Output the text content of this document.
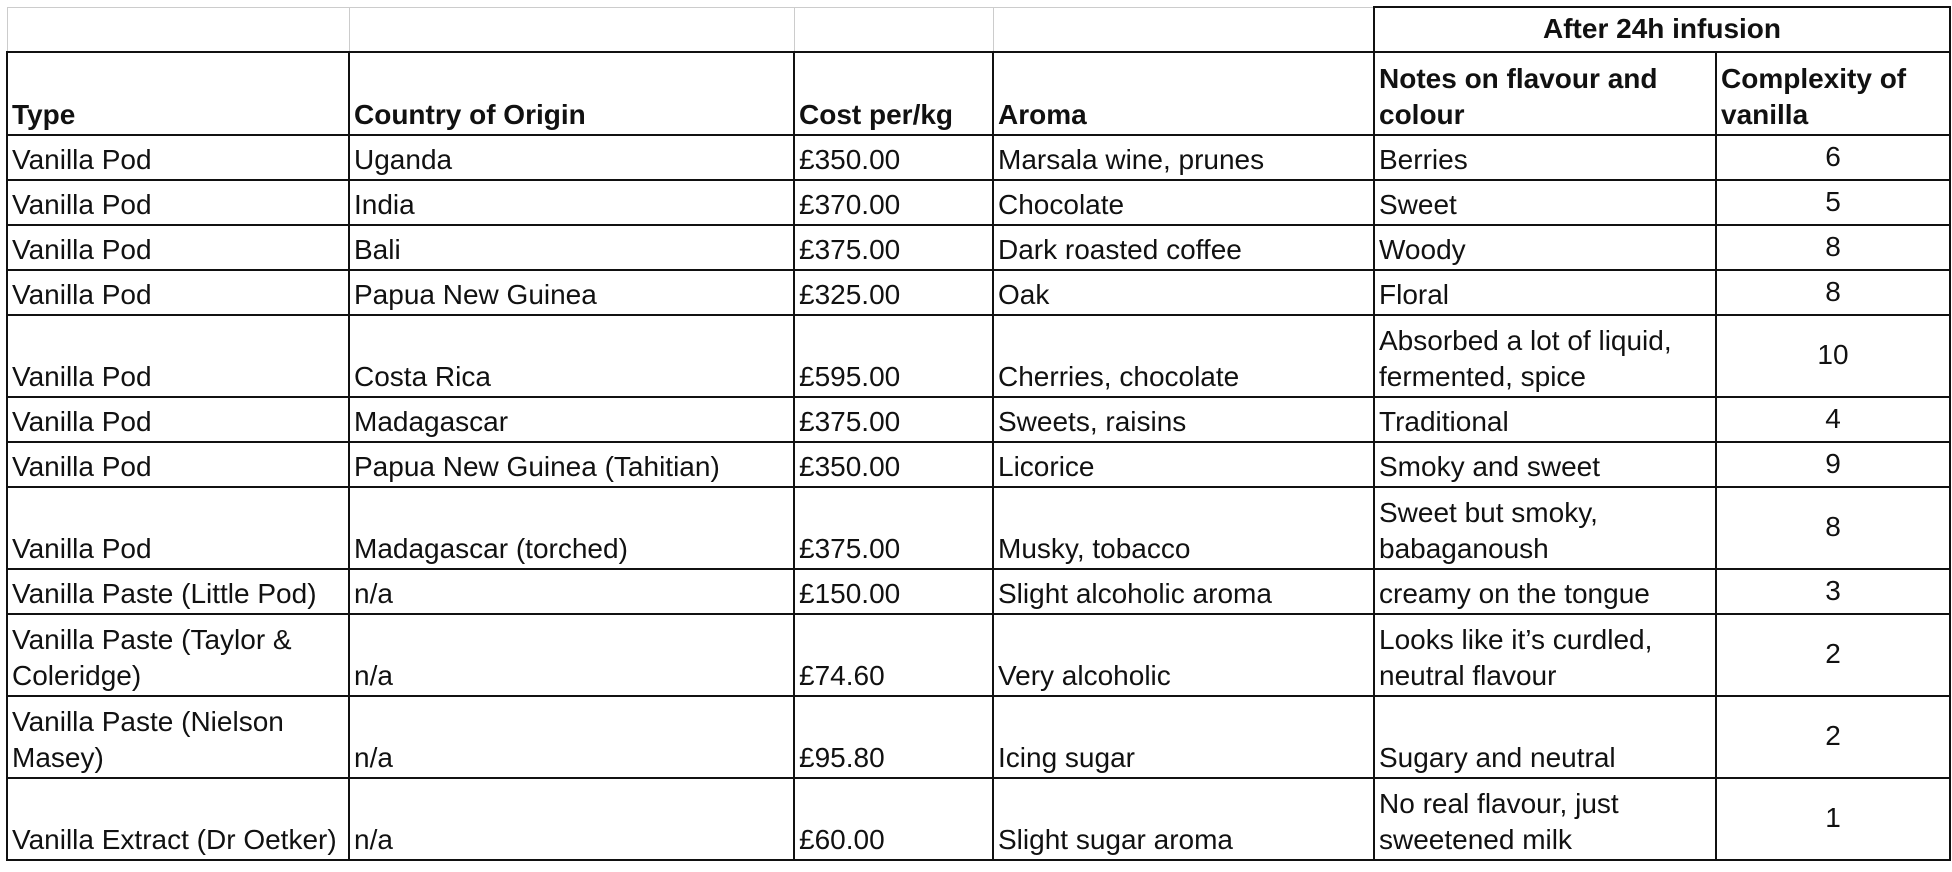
				After 24h infusion	
Type	Country of Origin	Cost per/kg	Aroma	Notes on flavour and colour	Complexity of vanilla
Vanilla Pod	Uganda	£350.00	Marsala wine, prunes	Berries	6
Vanilla Pod	India	£370.00	Chocolate	Sweet	5
Vanilla Pod	Bali	£375.00	Dark roasted coffee	Woody	8
Vanilla Pod	Papua New Guinea	£325.00	Oak	Floral	8
Vanilla Pod	Costa Rica	£595.00	Cherries, chocolate	Absorbed a lot of liquid, fermented, spice	10
Vanilla Pod	Madagascar	£375.00	Sweets, raisins	Traditional	4
Vanilla Pod	Papua New Guinea (Tahitian)	£350.00	Licorice	Smoky and sweet	9
Vanilla Pod	Madagascar (torched)	£375.00	Musky, tobacco	Sweet but smoky, babaganoush	8
Vanilla Paste (Little Pod)	n/a	£150.00	Slight alcoholic aroma	creamy on the tongue	3
Vanilla Paste (Taylor & Coleridge)	n/a	£74.60	Very alcoholic	Looks like it’s curdled, neutral flavour	2
Vanilla Paste (Nielson Masey)	n/a	£95.80	Icing sugar	Sugary and neutral	2
Vanilla Extract (Dr Oetker)	n/a	£60.00	Slight sugar aroma	No real flavour, just sweetened milk	1
